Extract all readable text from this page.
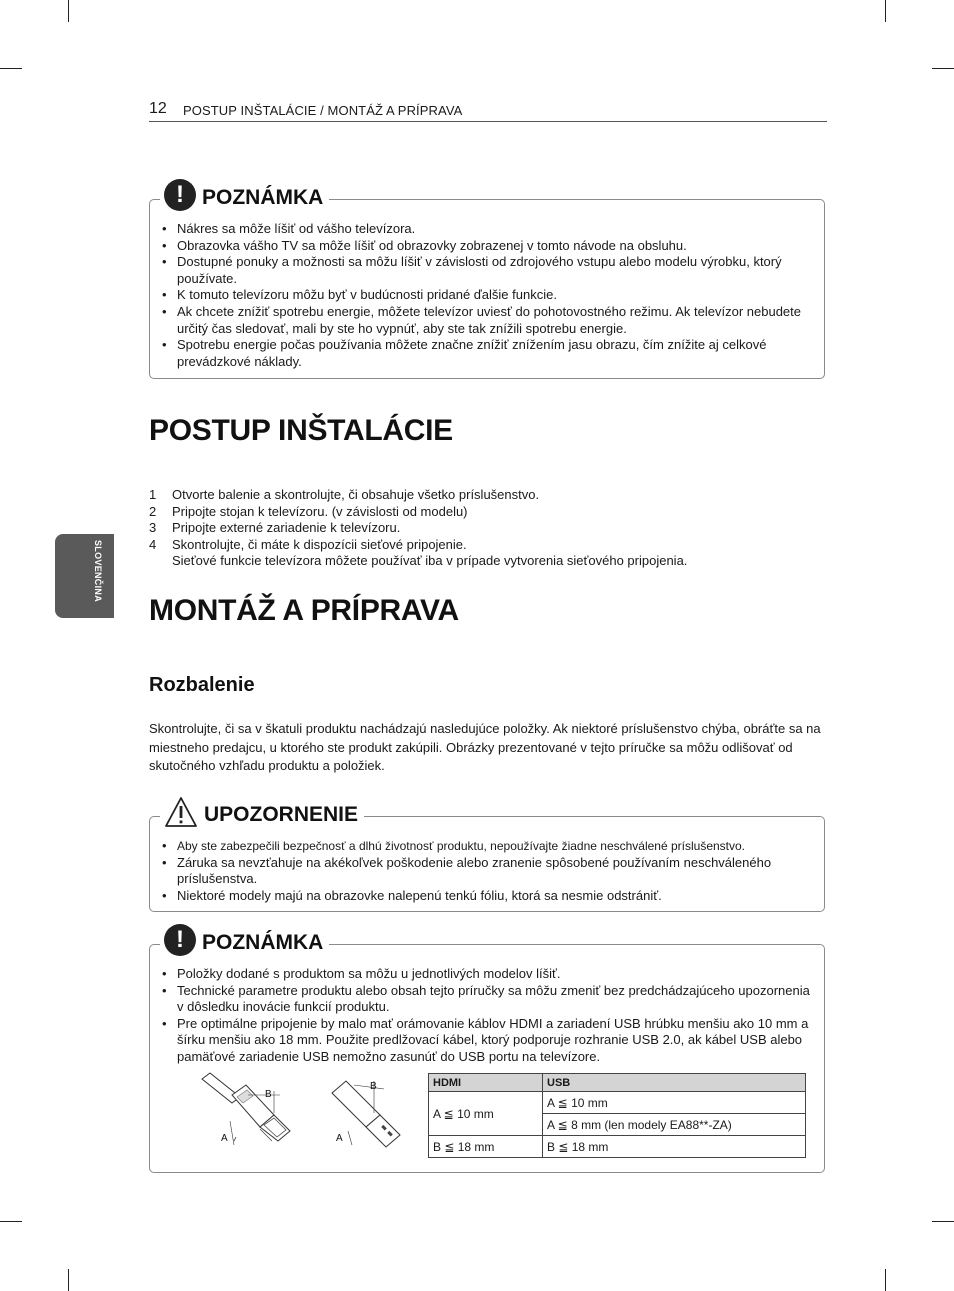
12 POSTUP INŠTALÁCIE / MONTÁŽ A PRÍPRAVA
SLOVENČINA
! POZNÁMKA
• Nákres sa môže líšiť od vášho televízora.
• Obrazovka vášho TV sa môže líšiť od obrazovky zobrazenej v tomto návode na obsluhu.
• Dostupné ponuky a možnosti sa môžu líšiť v závislosti od zdrojového vstupu alebo modelu výrobku, ktorý používate.
• K tomuto televízoru môžu byť v budúcnosti pridané ďalšie funkcie.
• Ak chcete znížiť spotrebu energie, môžete televízor uviesť do pohotovostného režimu. Ak televízor nebudete určitý čas sledovať, mali by ste ho vypnúť, aby ste tak znížili spotrebu energie.
• Spotrebu energie počas používania môžete značne znížiť znížením jasu obrazu, čím znížite aj celkové prevádzkové náklady.
POSTUP INŠTALÁCIE
1 Otvorte balenie a skontrolujte, či obsahuje všetko príslušenstvo.
2 Pripojte stojan k televízoru. (v závislosti od modelu)
3 Pripojte externé zariadenie k televízoru.
4 Skontrolujte, či máte k dispozícii sieťové pripojenie.
Sieťové funkcie televízora môžete používať iba v prípade vytvorenia sieťového pripojenia.
MONTÁŽ A PRÍPRAVA
Rozbalenie
Skontrolujte, či sa v škatuli produktu nachádzajú nasledujúce položky. Ak niektoré príslušenstvo chýba, obráťte sa na miestneho predajcu, u ktorého ste produkt zakúpili. Obrázky prezentované v tejto príručke sa môžu odlišovať od skutočného vzhľadu produktu a položiek.
UPOZORNENIE
• Aby ste zabezpečili bezpečnosť a dlhú životnosť produktu, nepoužívajte žiadne neschválené príslušenstvo.
• Záruka sa nevzťahuje na akékoľvek poškodenie alebo zranenie spôsobené používaním neschváleného príslušenstva.
• Niektoré modely majú na obrazovke nalepenú tenkú fóliu, ktorá sa nesmie odstrániť.
! POZNÁMKA
• Položky dodané s produktom sa môžu u jednotlivých modelov líšiť.
• Technické parametre produktu alebo obsah tejto príručky sa môžu zmeniť bez predchádzajúceho upozornenia v dôsledku inovácie funkcií produktu.
• Pre optimálne pripojenie by malo mať orámovanie káblov HDMI a zariadení USB hrúbku menšiu ako 10 mm a šírku menšiu ako 18 mm. Použite predlžovací kábel, ktorý podporuje rozhranie USB 2.0, ak kábel USB alebo pamäťové zariadenie USB nemožno zasunúť do USB portu na televízore.
B
A
B
A
HDMI	USB
A ≦ 10 mm	A ≦ 10 mm
	A ≦ 8 mm (len modely EA88**-ZA)
B ≦ 18 mm	B ≦ 18 mm
